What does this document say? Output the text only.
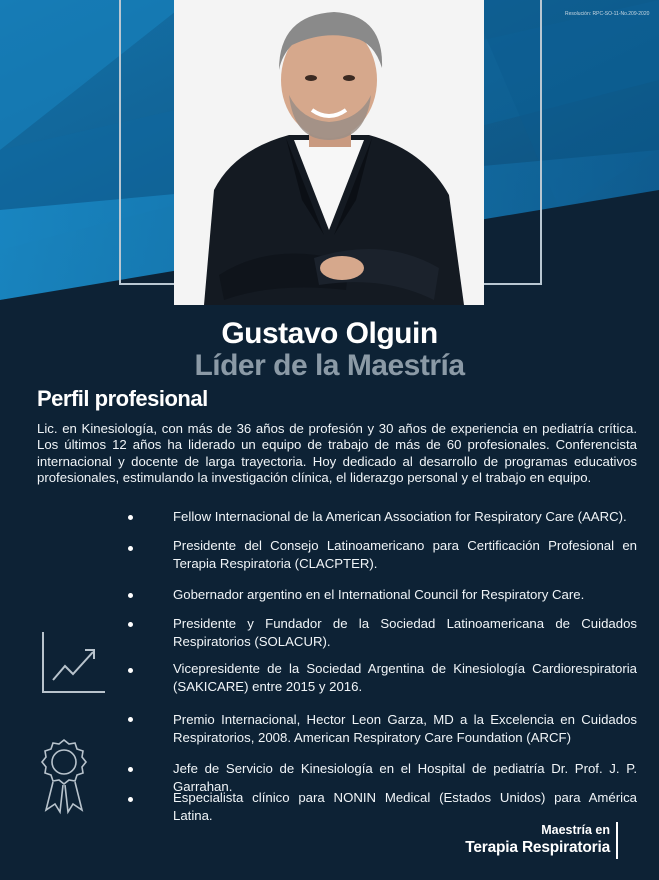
Resolución: RPC-SO-11-No.209-2020
Gustavo Olguin
Líder de la Maestría
Perfil profesional
Lic. en Kinesiología, con más de 36 años de profesión y 30 años de experiencia en pediatría crítica. Los últimos 12 años ha liderado un equipo de trabajo de más de 60 profesionales. Conferencista internacional y docente de larga trayectoria. Hoy dedicado al desarrollo de programas educativos profesionales, estimulando la investigación clínica, el liderazgo personal y el trabajo en equipo.
Fellow Internacional de la American Association for Respiratory Care (AARC).
Presidente del Consejo Latinoamericano para Certificación Profesional en Terapia Respiratoria (CLACPTER).
Gobernador argentino en el International Council for Respiratory Care.
Presidente y Fundador de la Sociedad Latinoamericana de Cuidados Respiratorios (SOLACUR).
Vicepresidente de la Sociedad Argentina de Kinesiología Cardiorespiratoria (SAKICARE) entre 2015 y 2016.
Premio Internacional, Hector Leon Garza, MD a la Excelencia en Cuidados Respiratorios, 2008. American Respiratory Care Foundation (ARCF)
Jefe de Servicio de Kinesiología en el Hospital de pediatría Dr. Prof. J. P. Garrahan.
Especialista clínico para NONIN Medical (Estados Unidos) para América Latina.
Maestría en
Terapia Respiratoria
